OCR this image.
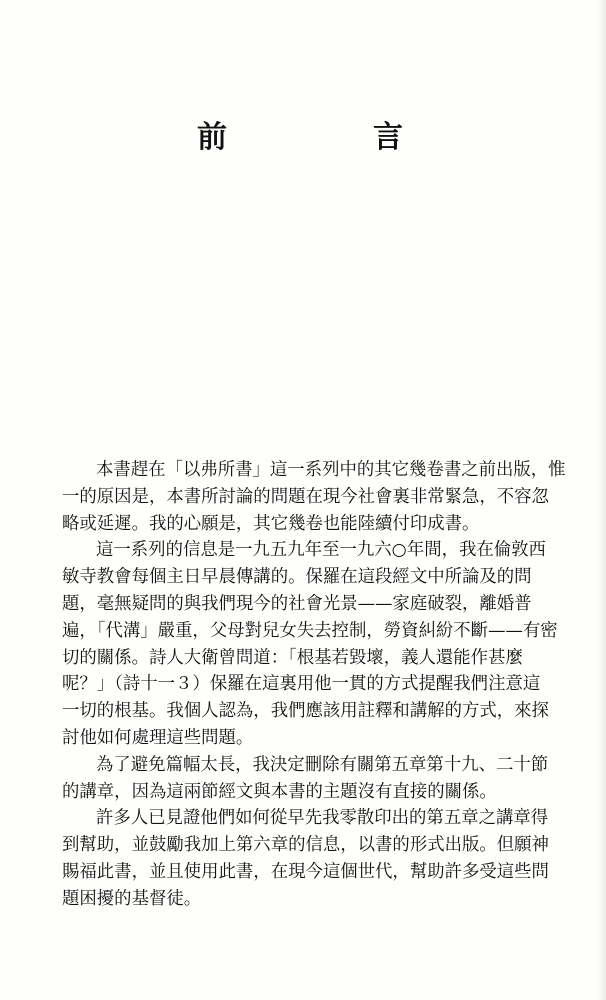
前　言

本書趕在「以弗所書」這一系列中的其它幾卷書之前出版，惟
一的原因是，本書所討論的問題在現今社會裏非常緊急，不容忽
略或延遲。我的心願是，其它幾卷也能陸續付印成書。

這一系列的信息是一九五九年至一九六○年間，我在倫敦西
敏寺教會每個主日早晨傳講的。保羅在這段經文中所論及的問
題，毫無疑問的與我們現今的社會光景——家庭破裂，離婚普
遍，「代溝」嚴重，父母對兒女失去控制，勞資糾紛不斷——有密
切的關係。詩人大衛曾問道：「根基若毀壞，義人還能作甚麼
呢？」（詩十一３）保羅在這裏用他一貫的方式提醒我們注意這
一切的根基。我個人認為，我們應該用註釋和講解的方式，來探
討他如何處理這些問題。

為了避免篇幅太長，我決定刪除有關第五章第十九、二十節
的講章，因為這兩節經文與本書的主題沒有直接的關係。

許多人已見證他們如何從早先我零散印出的第五章之講章得
到幫助，並鼓勵我加上第六章的信息，以書的形式出版。但願神
賜福此書，並且使用此書，在現今這個世代，幫助許多受這些問
題困擾的基督徒。
